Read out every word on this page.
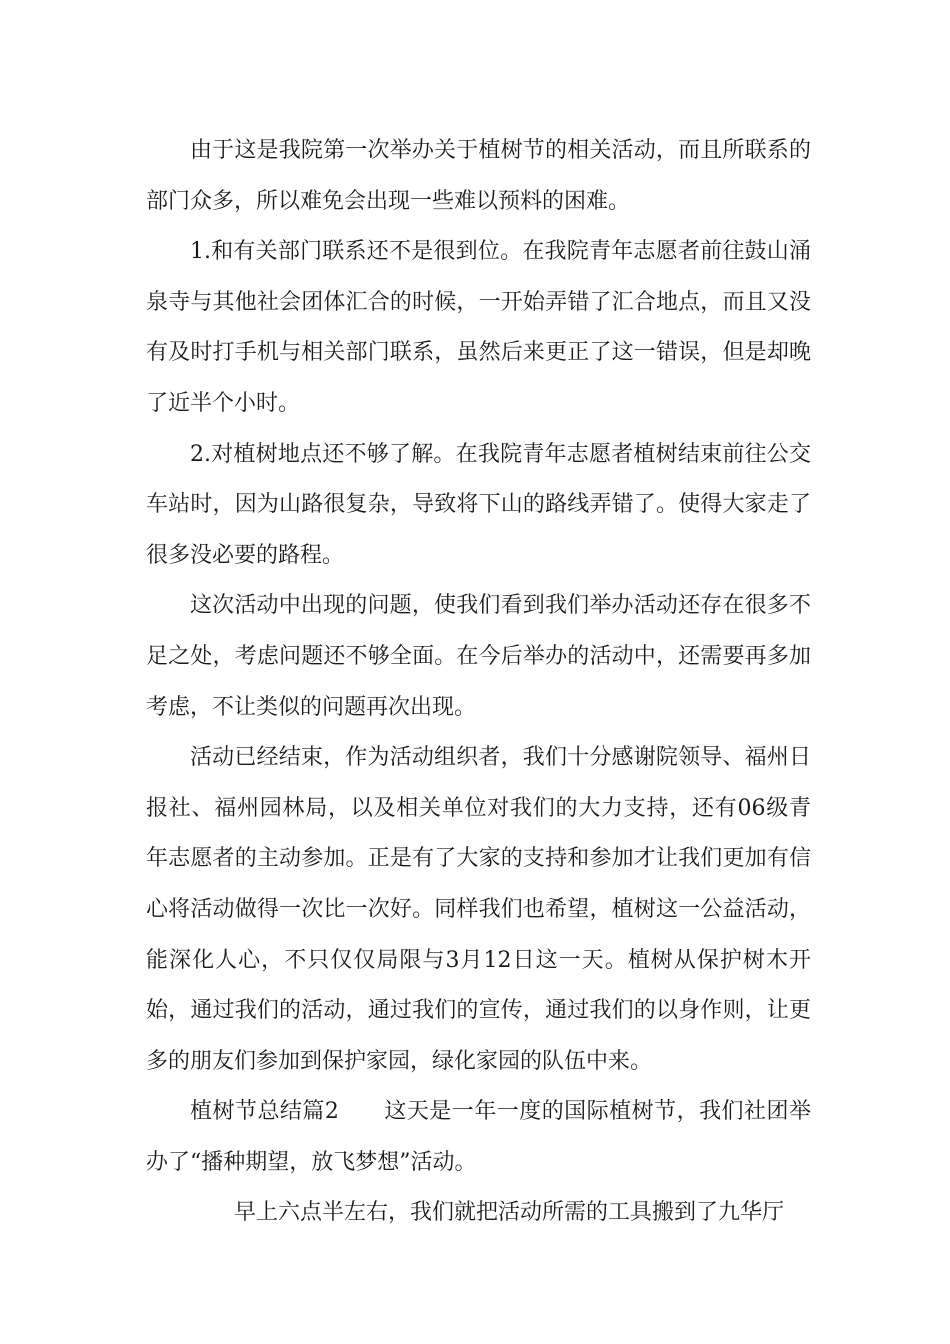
由于这是我院第一次举办关于植树节的相关活动，而且所联系的部门众多，所以难免会出现一些难以预料的困难。

1.和有关部门联系还不是很到位。在我院青年志愿者前往鼓山涌泉寺与其他社会团体汇合的时候，一开始弄错了汇合地点，而且又没有及时打手机与相关部门联系，虽然后来更正了这一错误，但是却晚了近半个小时。

2.对植树地点还不够了解。在我院青年志愿者植树结束前往公交车站时，因为山路很复杂，导致将下山的路线弄错了。使得大家走了很多没必要的路程。

这次活动中出现的问题，使我们看到我们举办活动还存在很多不足之处，考虑问题还不够全面。在今后举办的活动中，还需要再多加考虑，不让类似的问题再次出现。

活动已经结束，作为活动组织者，我们十分感谢院领导、福州日报社、福州园林局，以及相关单位对我们的大力支持，还有06级青年志愿者的主动参加。正是有了大家的支持和参加才让我们更加有信心将活动做得一次比一次好。同样我们也希望，植树这一公益活动，能深化人心，不只仅仅局限与3月12日这一天。植树从保护树木开始，通过我们的活动，通过我们的宣传，通过我们的以身作则，让更多的朋友们参加到保护家园，绿化家园的队伍中来。

植树节总结篇2　　这天是一年一度的国际植树节，我们社团举办了“播种期望，放飞梦想”活动。

早上六点半左右，我们就把活动所需的工具搬到了九华厅
